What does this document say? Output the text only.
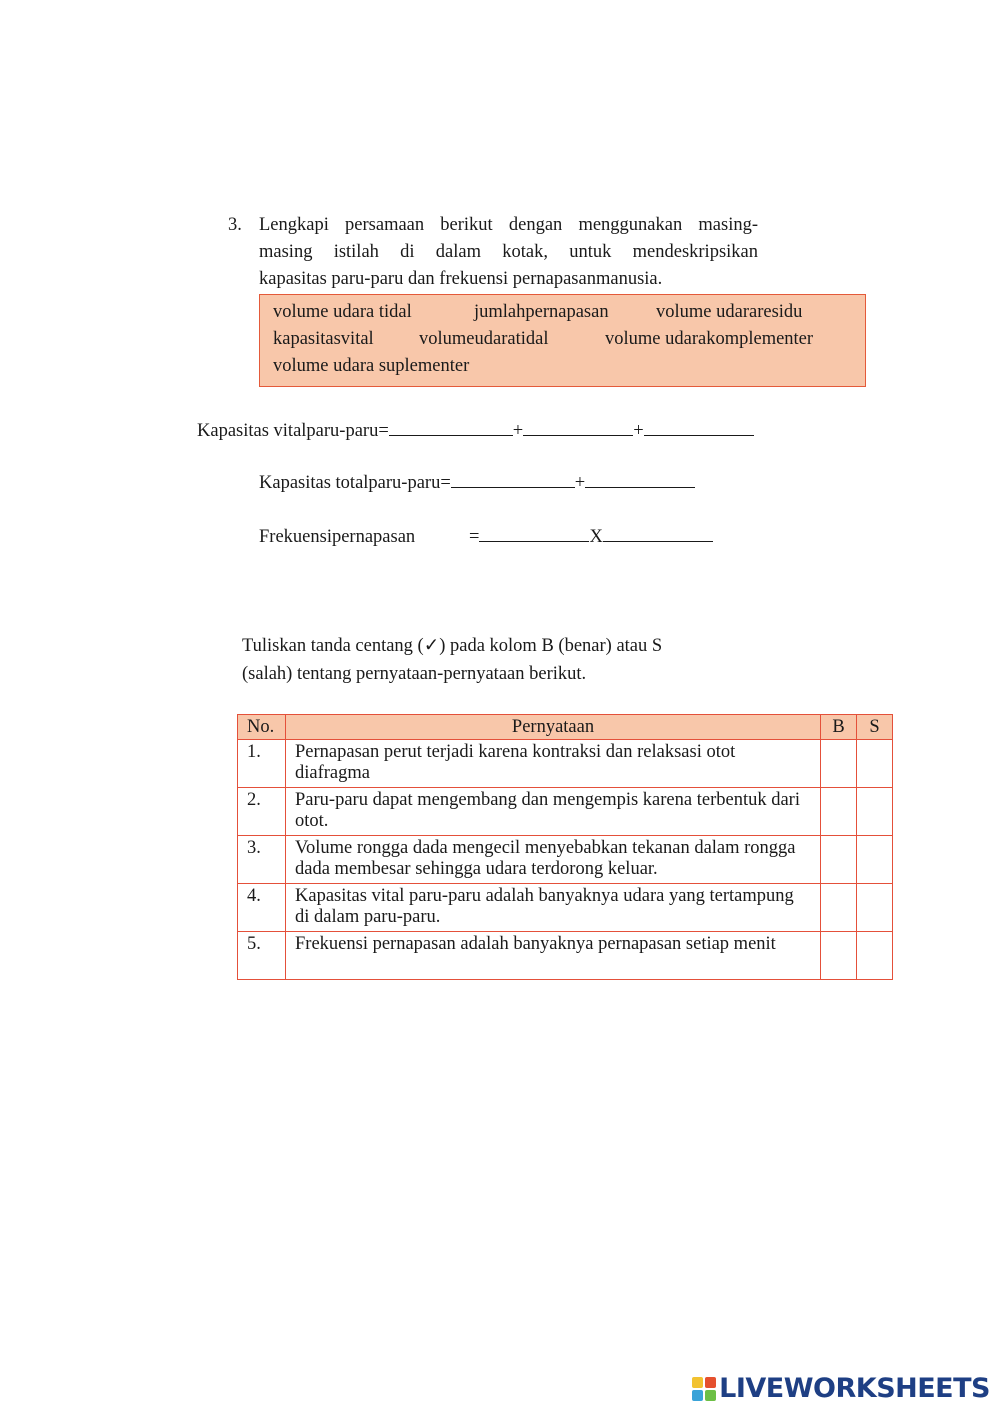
3. Lengkapi persamaan berikut dengan menggunakan masing-
masing istilah di dalam kotak, untuk mendeskripsikan
kapasitas paru-paru dan frekuensi pernapasanmanusia.
volume udara tidal	jumlahpernapasan	volume udararesidu
kapasitasvital volumeudaratidal	volume udarakomplementer
volume udara suplementer
Kapasitas vitalparu-paru=	+	+
Kapasitas totalparu-paru=	+
Frekuensipernapasan	=	X
Tuliskan tanda centang (✓) pada kolom B (benar) atau S
(salah) tentang pernyataan-pernyataan berikut.
No.	Pernyataan	B	S
1.	Pernapasan perut terjadi karena kontraksi dan relaksasi otot diafragma		
2.	Paru-paru dapat mengembang dan mengempis karena terbentuk dari otot.		
3.	Volume rongga dada mengecil menyebabkan tekanan dalam rongga dada membesar sehingga udara terdorong keluar.		
4.	Kapasitas vital paru-paru adalah banyaknya udara yang tertampung di dalam paru-paru.		
5.	Frekuensi pernapasan adalah banyaknya pernapasan setiap menit		
LIVEWORKSHEETS
